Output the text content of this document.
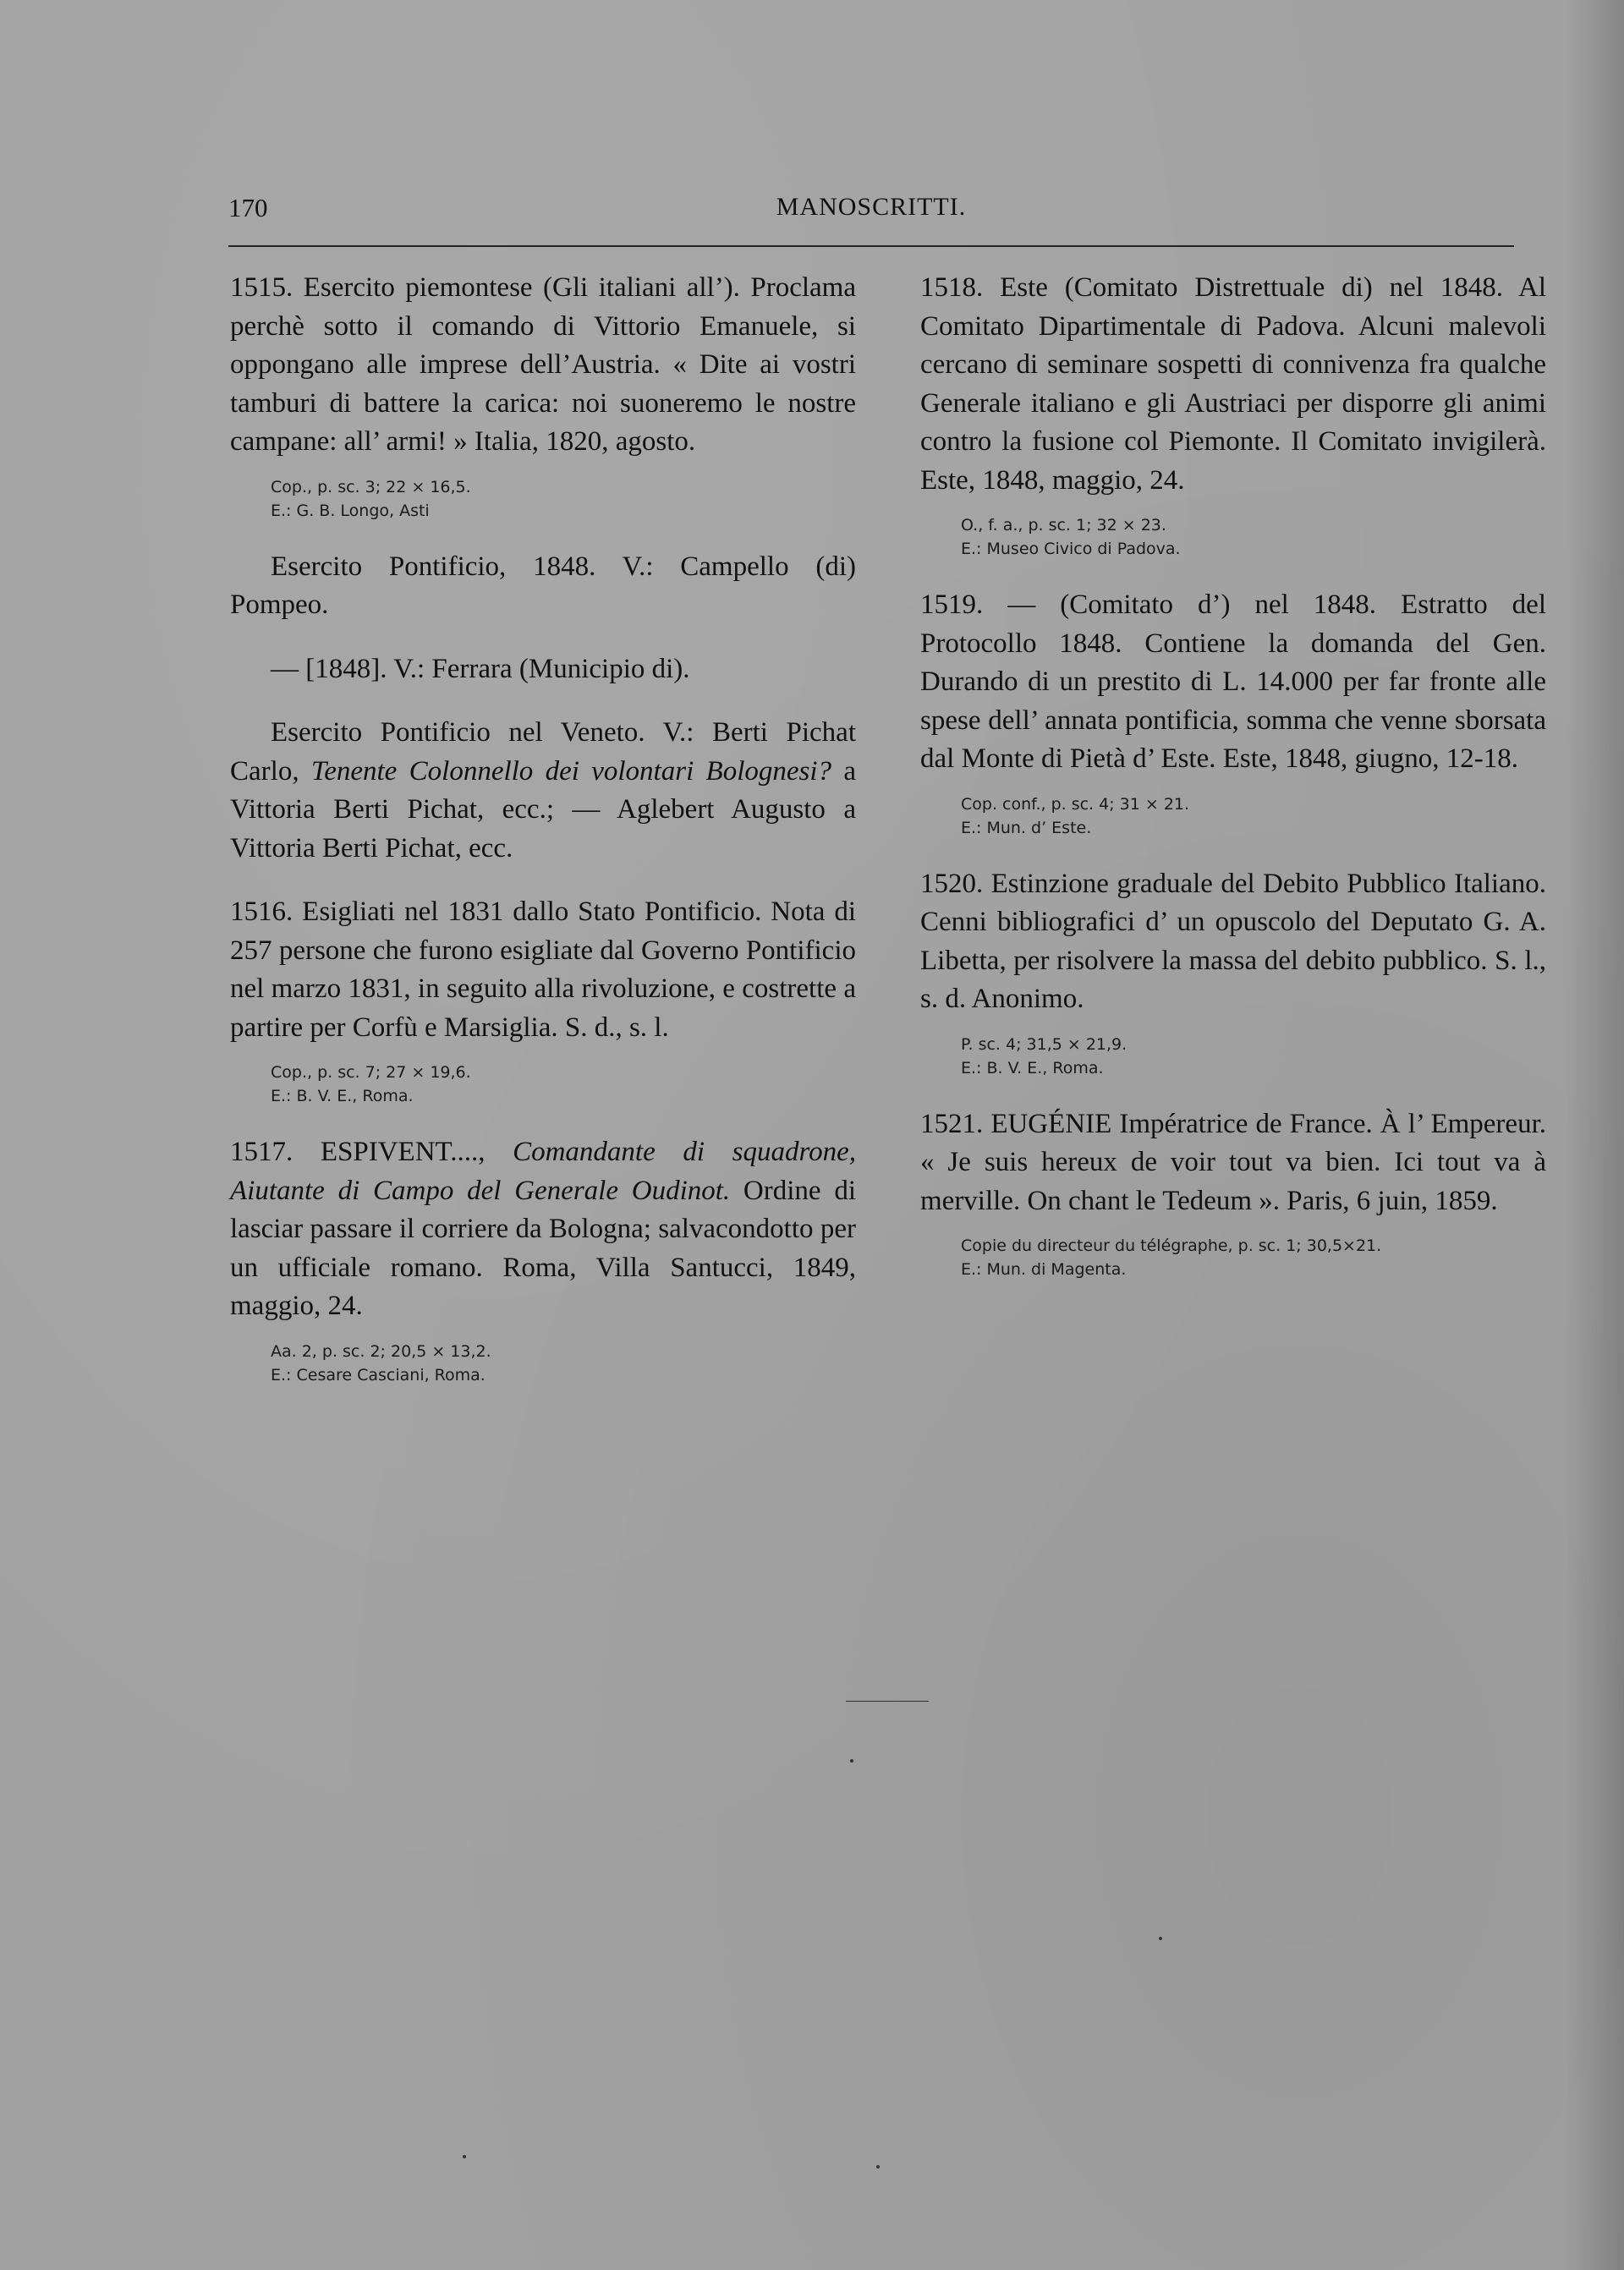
MANOSCRITTI.
170
1515. Esercito piemontese (Gli italiani all’). Proclama perchè sotto il comando di Vittorio Emanuele, si oppongano alle imprese dell’Austria. « Dite ai vostri tamburi di battere la carica: noi suoneremo le nostre campane: all’ armi! » Italia, 1820, agosto.
Cop., p. sc. 3; 22 × 16,5.
E.: G. B. Longo, Asti
Esercito Pontificio, 1848. V.: Campello (di) Pompeo.
— [1848]. V.: Ferrara (Municipio di).
Esercito Pontificio nel Veneto. V.: Berti Pichat Carlo, Tenente Colonnello dei volontari Bolognesi? a Vittoria Berti Pichat, ecc.; — Aglebert Augusto a Vittoria Berti Pichat, ecc.
1516. Esigliati nel 1831 dallo Stato Pontificio. Nota di 257 persone che furono esigliate dal Governo Pontificio nel marzo 1831, in seguito alla rivoluzione, e costrette a partire per Corfù e Marsiglia. S. d., s. l.
Cop., p. sc. 7; 27 × 19,6.
E.: B. V. E., Roma.
1517. ESPIVENT...., Comandante di squadrone, Aiutante di Campo del Generale Oudinot. Ordine di lasciar passare il corriere da Bologna; salvacondotto per un ufficiale romano. Roma, Villa Santucci, 1849, maggio, 24.
Aa. 2, p. sc. 2; 20,5 × 13,2.
E.: Cesare Casciani, Roma.
1518. Este (Comitato Distrettuale di) nel 1848. Al Comitato Dipartimentale di Padova. Alcuni malevoli cercano di seminare sospetti di connivenza fra qualche Generale italiano e gli Austriaci per disporre gli animi contro la fusione col Piemonte. Il Comitato invigilerà. Este, 1848, maggio, 24.
O., f. a., p. sc. 1; 32 × 23.
E.: Museo Civico di Padova.
1519. — (Comitato d’) nel 1848. Estratto del Protocollo 1848. Contiene la domanda del Gen. Durando di un prestito di L. 14.000 per far fronte alle spese dell’ annata pontificia, somma che venne sborsata dal Monte di Pietà d’ Este. Este, 1848, giugno, 12-18.
Cop. conf., p. sc. 4; 31 × 21.
E.: Mun. d’ Este.
1520. Estinzione graduale del Debito Pubblico Italiano. Cenni bibliografici d’ un opuscolo del Deputato G. A. Libetta, per risolvere la massa del debito pubblico. S. l., s. d. Anonimo.
P. sc. 4; 31,5 × 21,9.
E.: B. V. E., Roma.
1521. EUGÉNIE Impératrice de France. À l’ Empereur. « Je suis hereux de voir tout va bien. Ici tout va à merville. On chant le Tedeum ». Paris, 6 juin, 1859.
Copie du directeur du télégraphe, p. sc. 1; 30,5×21.
E.: Mun. di Magenta.
